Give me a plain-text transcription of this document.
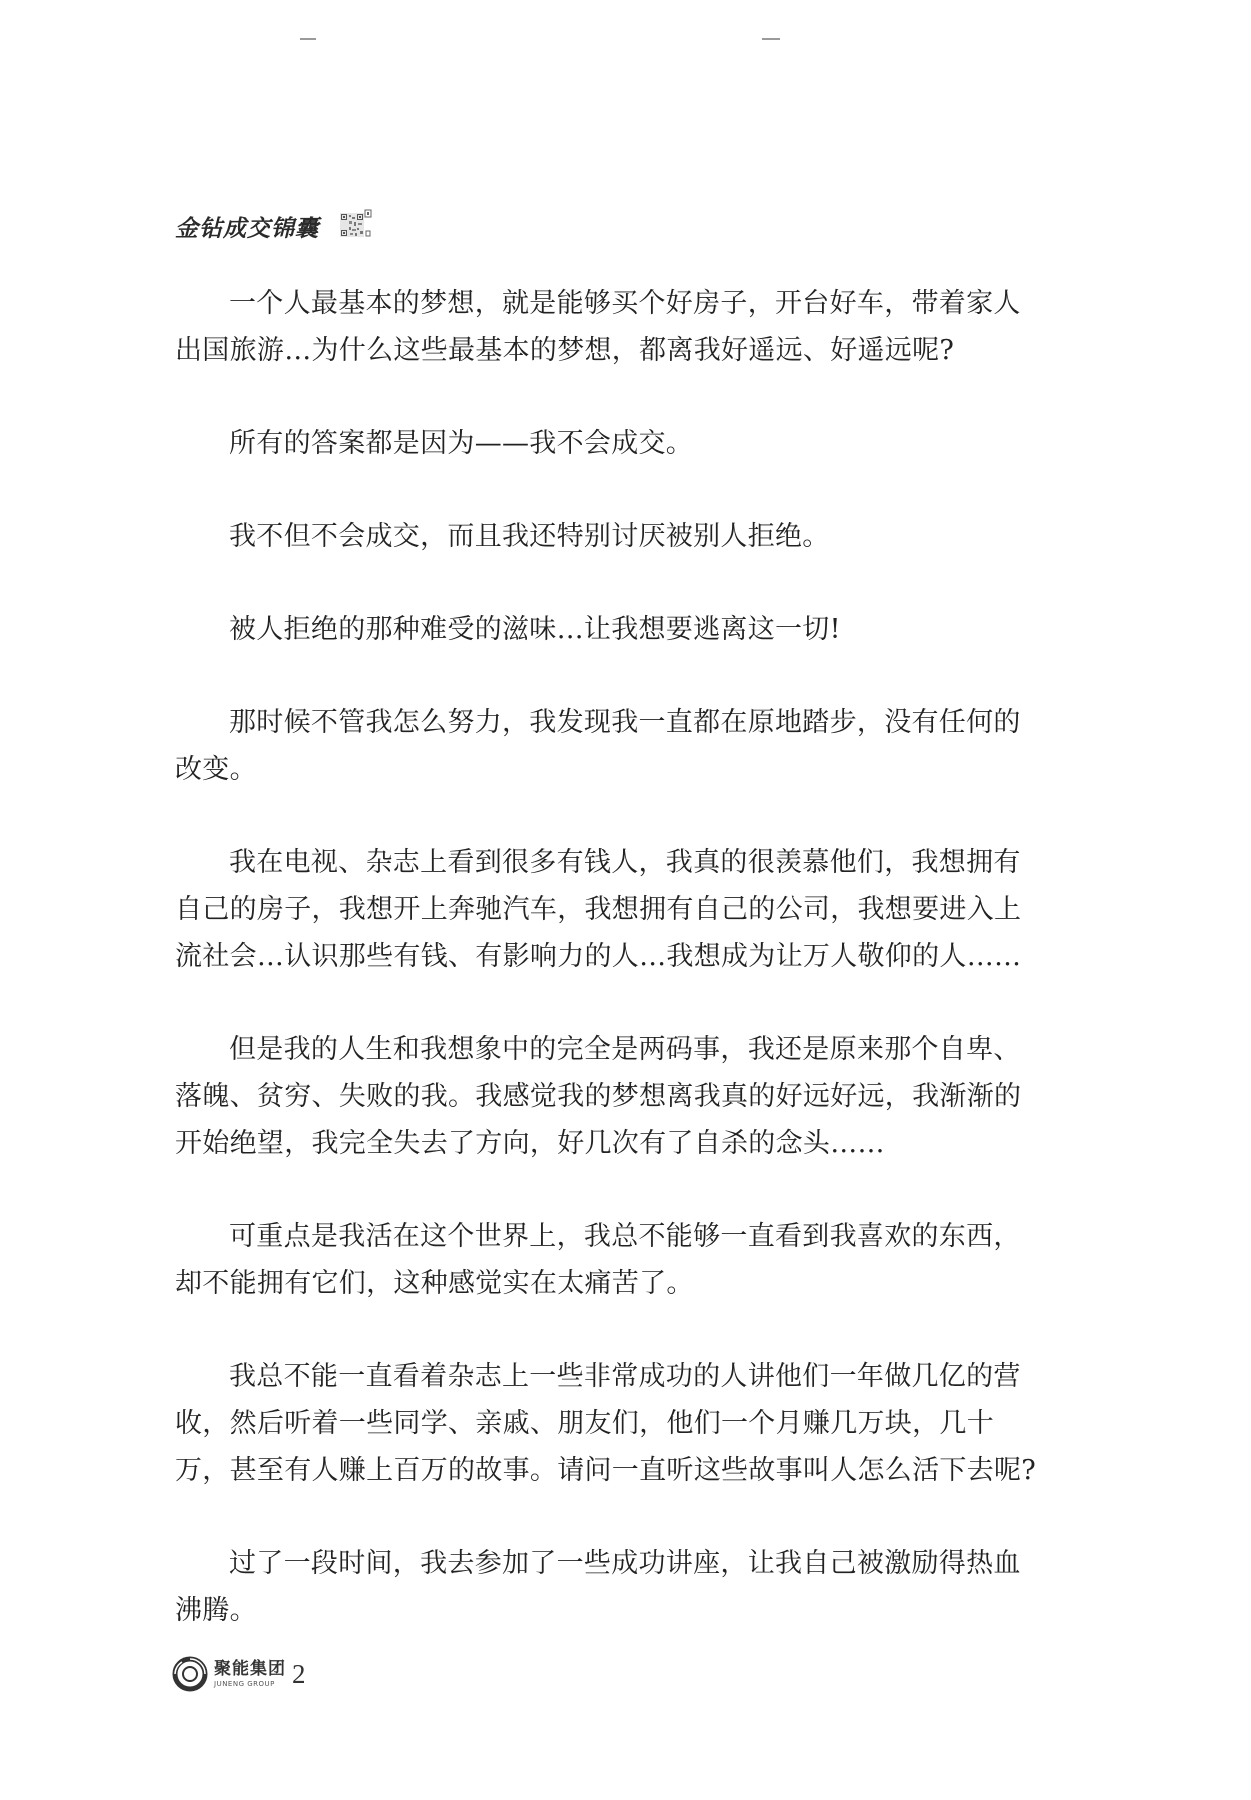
金钻成交锦囊

一个人最基本的梦想，就是能够买个好房子，开台好车，带着家人出国旅游…为什么这些最基本的梦想，都离我好遥远、好遥远呢?

所有的答案都是因为——我不会成交。

我不但不会成交，而且我还特别讨厌被别人拒绝。

被人拒绝的那种难受的滋味…让我想要逃离这一切!

那时候不管我怎么努力，我发现我一直都在原地踏步，没有任何的改变。

我在电视、杂志上看到很多有钱人，我真的很羡慕他们，我想拥有自己的房子，我想开上奔驰汽车，我想拥有自己的公司，我想要进入上流社会…认识那些有钱、有影响力的人…我想成为让万人敬仰的人……

但是我的人生和我想象中的完全是两码事，我还是原来那个自卑、落魄、贫穷、失败的我。我感觉我的梦想离我真的好远好远，我渐渐的开始绝望，我完全失去了方向，好几次有了自杀的念头……

可重点是我活在这个世界上，我总不能够一直看到我喜欢的东西，却不能拥有它们，这种感觉实在太痛苦了。

我总不能一直看着杂志上一些非常成功的人讲他们一年做几亿的营收，然后听着一些同学、亲戚、朋友们，他们一个月赚几万块，几十万，甚至有人赚上百万的故事。请问一直听这些故事叫人怎么活下去呢?

过了一段时间，我去参加了一些成功讲座，让我自己被激励得热血沸腾。

聚能集团
JUNENG GROUP 2
